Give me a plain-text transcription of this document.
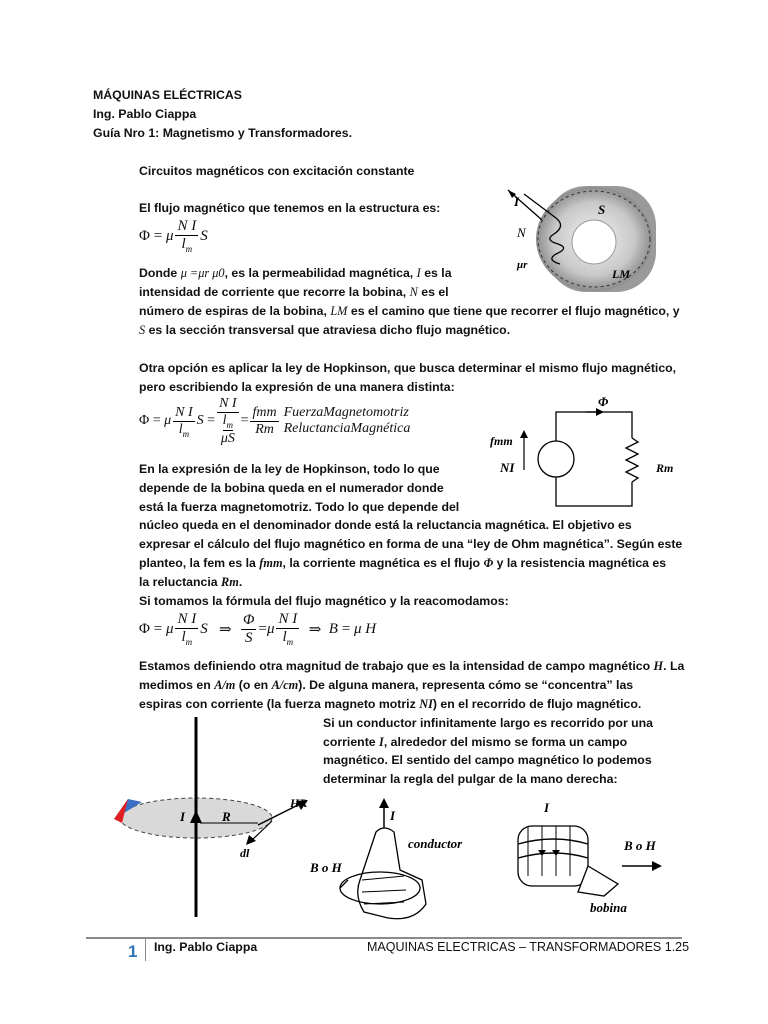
MÁQUINAS ELÉCTRICAS
Ing. Pablo Ciappa
Guía Nro 1: Magnetismo y Transformadores.
Circuitos magnéticos con excitación constante
El flujo magnético que tenemos en la estructura es:
Φ = μ $\frac{\text{N I}}{l_m}$ S
Donde μ =μr μ0, es la permeabilidad magnética, I es la
intensidad de corriente que recorre la bobina, N es el
número de espiras de la bobina, LM es el camino que tiene que recorrer el flujo magnético, y
S es la sección transversal que atraviesa dicho flujo magnético.
I
N
S
μr
LM
Otra opción es aplicar la ley de Hopkinson, que busca determinar el mismo flujo magnético,
pero escribiendo la expresión de una manera distinta:
Φ = μ $\frac{\text{N I}}{l_m}$ S = N I
$l_m$
$\mu S = \frac{\text{fmm}}{Rm}$ FuerzaMagnetomotriz
ReluctanciaMagnética
Φ
fmm
NI	Rm
En la expresión de la ley de Hopkinson, todo lo que
depende de la bobina queda en el numerador donde
está la fuerza magnetomotriz. Todo lo que depende del
núcleo queda en el denominador donde está la reluctancia magnética. El objetivo es
expresar el cálculo del flujo magnético en forma de una “ley de Ohm magnética”. Según este
planteo, la fem es la fmm, la corriente magnética es el flujo Φ y la resistencia magnética es
la reluctancia Rm.
Si tomamos la fórmula del flujo magnético y la reacomodamos:
Φ = μ $\frac{\text{N I}}{l_m}$ S ⇒ $\frac{\Phi}{S} = \mu \frac{\text{N I}}{l_m}$ ⇒ B = μ H
Estamos definiendo otra magnitud de trabajo que es la intensidad de campo magnético H. La
medimos en A/m (o en A/cm). De alguna manera, representa cómo se “concentra” las
espiras con corriente (la fuerza magneto motriz NI) en el recorrido de flujo magnético.
Si un conductor infinitamente largo es recorrido por una
corriente I, alrededor del mismo se forma un campo
magnético. El sentido del campo magnético lo podemos
determinar la regla del pulgar de la mano derecha:
I	R
HR
dl
conductor
I
B o H
I
B o H
bobina
1 Ing. Pablo Ciappa	MAQUINAS ELECTRICAS – TRANSFORMADORES 1.25
